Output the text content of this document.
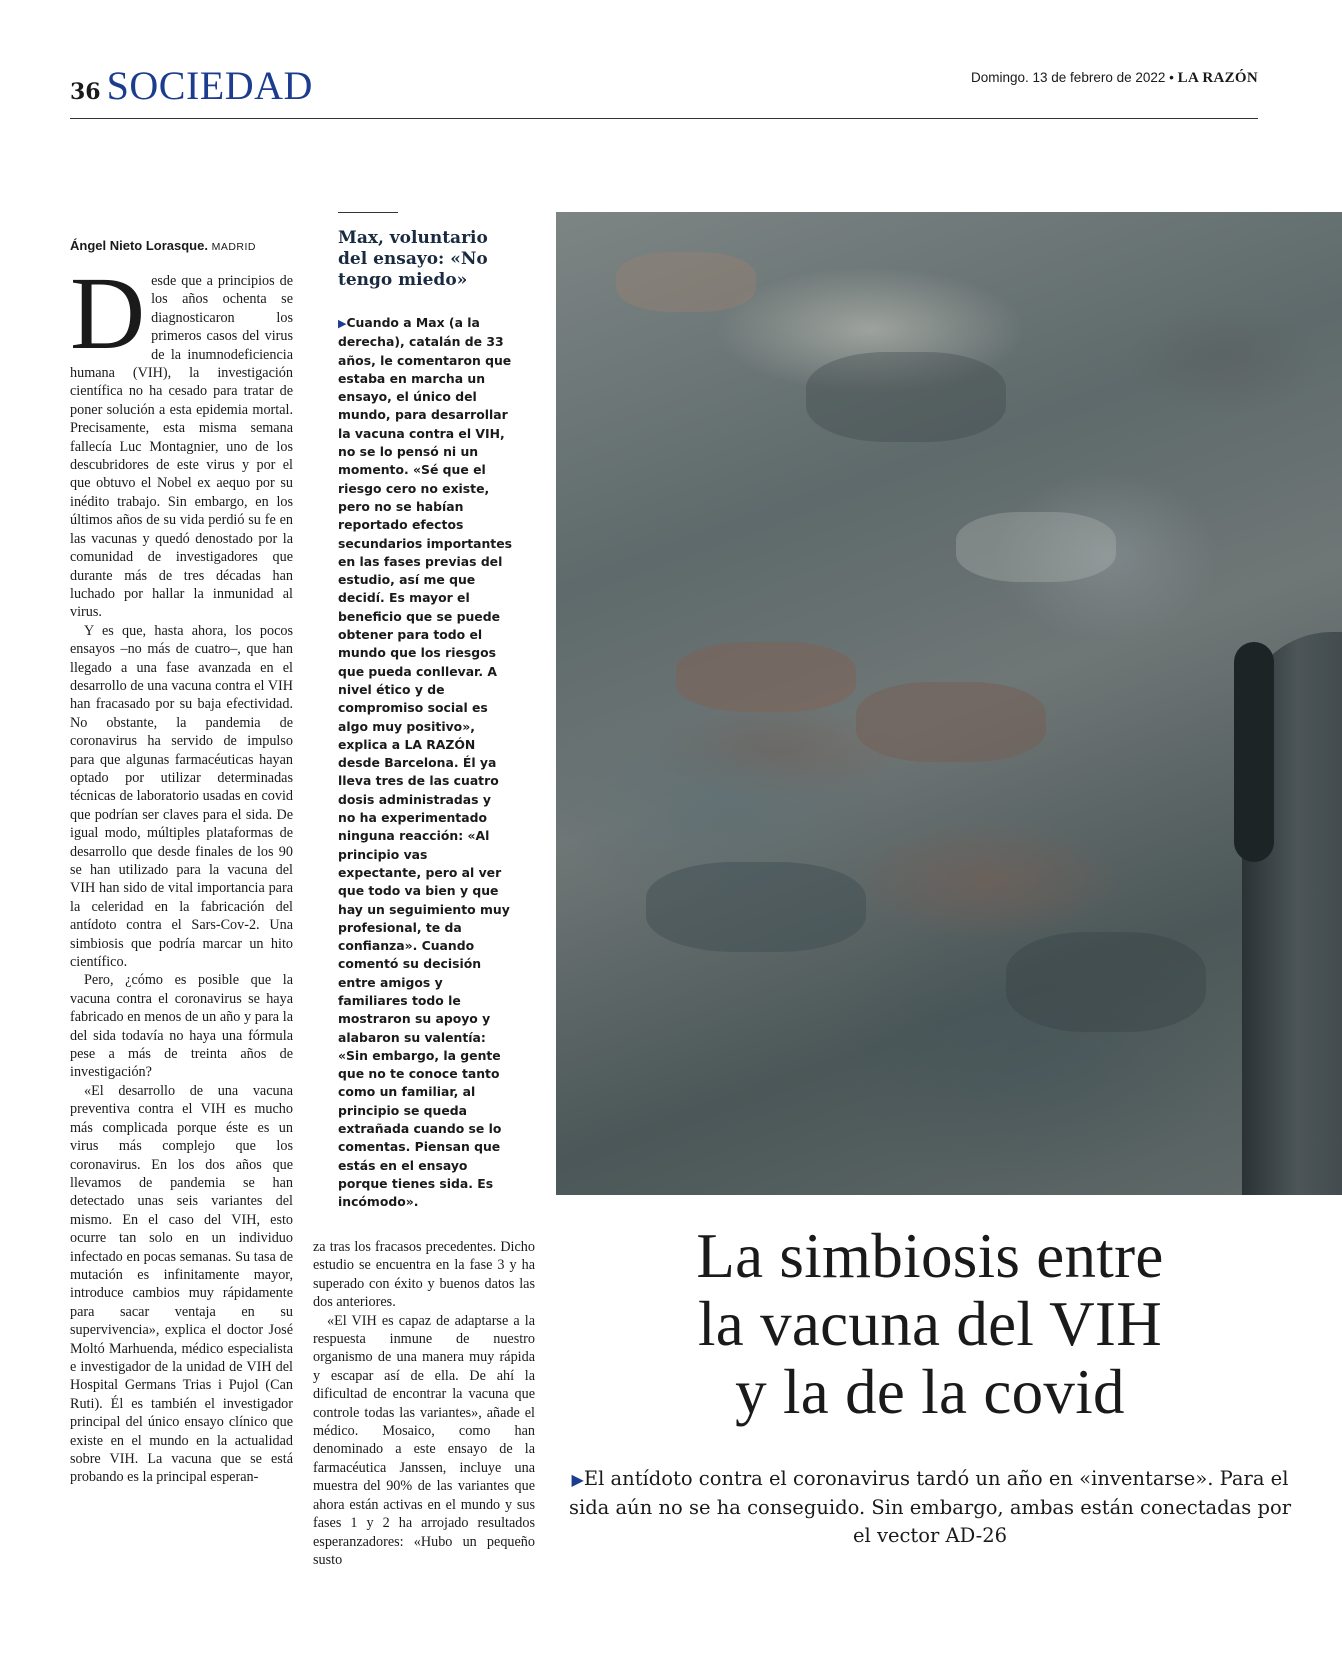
36 SOCIEDAD	Domingo. 13 de febrero de 2022 • LA RAZÓN
Ángel Nieto Lorasque. MADRID

Desde que a principios de los años ochenta se diagnosticaron los primeros casos del virus de la inumnodeficiencia humana (VIH), la investigación científica no ha cesado para tratar de poner solución a esta epidemia mortal. Precisamente, esta misma semana fallecía Luc Montagnier, uno de los descubridores de este virus y por el que obtuvo el Nobel ex aequo por su inédito trabajo. Sin embargo, en los últimos años de su vida perdió su fe en las vacunas y quedó denostado por la comunidad de investigadores que durante más de tres décadas han luchado por hallar la inmunidad al virus.

Y es que, hasta ahora, los pocos ensayos –no más de cuatro–, que han llegado a una fase avanzada en el desarrollo de una vacuna contra el VIH han fracasado por su baja efectividad. No obstante, la pandemia de coronavirus ha servido de impulso para que algunas farmacéuticas hayan optado por utilizar determinadas técnicas de laboratorio usadas en covid que podrían ser claves para el sida. De igual modo, múltiples plataformas de desarrollo que desde finales de los 90 se han utilizado para la vacuna del VIH han sido de vital importancia para la celeridad en la fabricación del antídoto contra el Sars-Cov-2. Una simbiosis que podría marcar un hito científico.

Pero, ¿cómo es posible que la vacuna contra el coronavirus se haya fabricado en menos de un año y para la del sida todavía no haya una fórmula pese a más de treinta años de investigación?

«El desarrollo de una vacuna preventiva contra el VIH es mucho más complicada porque éste es un virus más complejo que los coronavirus. En los dos años que llevamos de pandemia se han detectado unas seis variantes del mismo. En el caso del VIH, esto ocurre tan solo en un individuo infectado en pocas semanas. Su tasa de mutación es infinitamente mayor, introduce cambios muy rápidamente para sacar ventaja en su supervivencia», explica el doctor José Moltó Marhuenda, médico especialista e investigador de la unidad de VIH del Hospital Germans Trias i Pujol (Can Ruti). Él es también el investigador principal del único ensayo clínico que existe en el mundo en la actualidad sobre VIH. La vacuna que se está probando es la principal esperan-

Max, voluntario del ensayo: «No tengo miedo»
▶Cuando a Max (a la derecha), catalán de 33 años, le comentaron que estaba en marcha un ensayo, el único del mundo, para desarrollar la vacuna contra el VIH, no se lo pensó ni un momento. «Sé que el riesgo cero no existe, pero no se habían reportado efectos secundarios importantes en las fases previas del estudio, así me que decidí. Es mayor el beneficio que se puede obtener para todo el mundo que los riesgos que pueda conllevar. A nivel ético y de compromiso social es algo muy positivo», explica a LA RAZÓN desde Barcelona. Él ya lleva tres de las cuatro dosis administradas y no ha experimentado ninguna reacción: «Al principio vas expectante, pero al ver que todo va bien y que hay un seguimiento muy profesional, te da confianza». Cuando comentó su decisión entre amigos y familiares todo le mostraron su apoyo y alabaron su valentía: «Sin embargo, la gente que no te conoce tanto como un familiar, al principio se queda extrañada cuando se lo comentas. Piensan que estás en el ensayo porque tienes sida. Es incómodo».

za tras los fracasos precedentes. Dicho estudio se encuentra en la fase 3 y ha superado con éxito y buenos datos las dos anteriores.

«El VIH es capaz de adaptarse a la respuesta inmune de nuestro organismo de una manera muy rápida y escapar así de ella. De ahí la dificultad de encontrar la vacuna que controle todas las variantes», añade el médico. Mosaico, como han denominado a este ensayo de la farmacéutica Janssen, incluye una muestra del 90% de las variantes que ahora están activas en el mundo y sus fases 1 y 2 ha arrojado resultados esperanzadores: «Hubo un pequeño susto

La simbiosis entre
la vacuna del VIH
y la de la covid
▶El antídoto contra el coronavirus tardó un año en «inventarse». Para el sida aún no se ha conseguido. Sin embargo, ambas están conectadas por el vector AD-26
